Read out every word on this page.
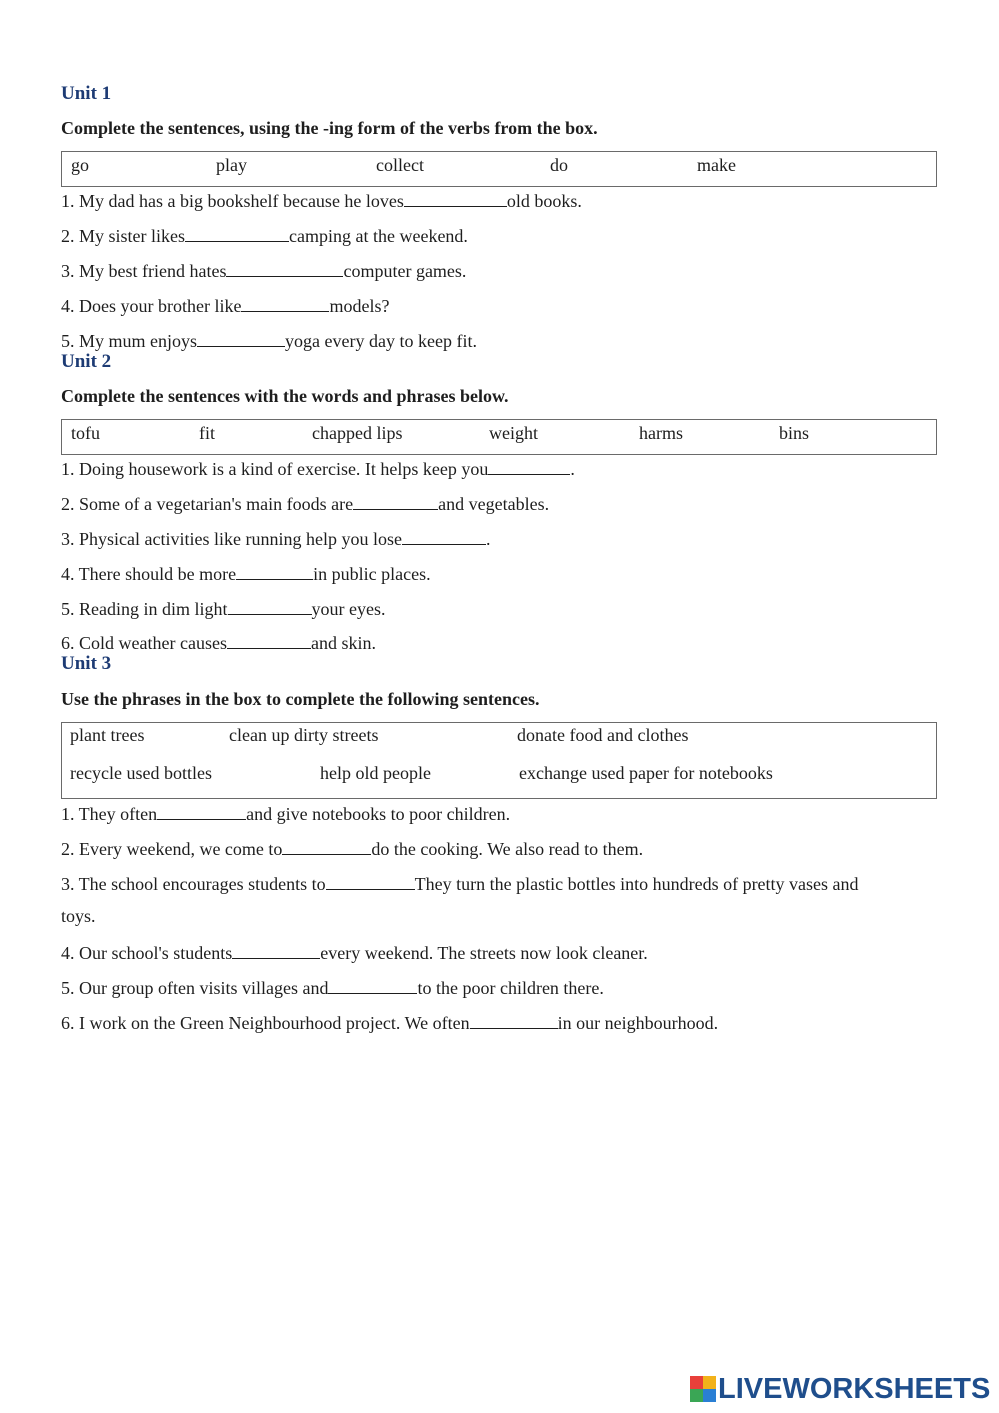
Unit 1
Complete the sentences, using the -ing form of the verbs from the box.
go	play	collect	do	make
1. My dad has a big bookshelf because he loves	old books.
2. My sister likes	camping at the weekend.
3. My best friend hates	computer games.
4. Does your brother like	models?
5. My mum enjoys	yoga every day to keep fit.
Unit 2
Complete the sentences with the words and phrases below.
tofu	fit	chapped lips	weight	harms	bins
1. Doing housework is a kind of exercise. It helps keep you	.
2. Some of a vegetarian's main foods are	and vegetables.
3. Physical activities like running help you lose	.
4. There should be more	in public places.
5. Reading in dim light	your eyes.
6. Cold weather causes	and skin.
Unit 3
Use the phrases in the box to complete the following sentences.
plant trees	clean up dirty streets	donate food and clothes
recycle used bottles	help old people	exchange used paper for notebooks
1. They often	and give notebooks to poor children.
2. Every weekend, we come to	do the cooking. We also read to them.
3. The school encourages students to	They turn the plastic bottles into hundreds of pretty vases and
toys.
4. Our school's students	every weekend. The streets now look cleaner.
5. Our group often visits villages and	to the poor children there.
6. I work on the Green Neighbourhood project. We often	in our neighbourhood.
LIVEWORKSHEETS
